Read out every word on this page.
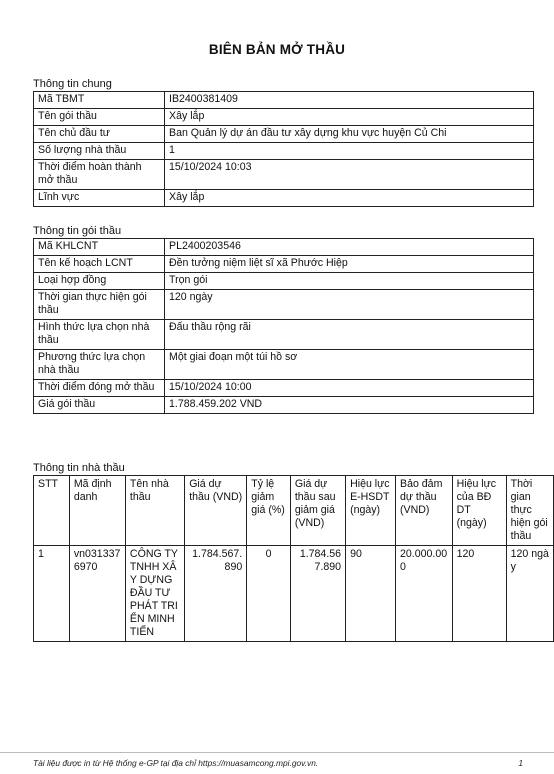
BIÊN BẢN MỞ THẦU
Thông tin chung
Mã TBMT	IB2400381409
Tên gói thầu	Xây lắp
Tên chủ đầu tư	Ban Quản lý dự án đầu tư xây dựng khu vực huyện Củ Chi
Số lượng nhà thầu	1
Thời điểm hoàn thành mở thầu	15/10/2024 10:03
Lĩnh vực	Xây lắp
Thông tin gói thầu
Mã KHLCNT	PL2400203546
Tên kế hoạch LCNT	Đền tưởng niệm liệt sĩ xã Phước Hiệp
Loại hợp đồng	Trọn gói
Thời gian thực hiện gói thầu	120 ngày
Hình thức lựa chọn nhà thầu	Đấu thầu rộng rãi
Phương thức lựa chọn nhà thầu	Một giai đoạn một túi hồ sơ
Thời điểm đóng mở thầu	15/10/2024 10:00
Giá gói thầu	1.788.459.202 VND
Thông tin nhà thầu
STT	Mã định danh	Tên nhà thầu	Giá dự thầu (VND)	Tỷ lệ giảm giá (%)	Giá dự thầu sau giảm giá (VND)	Hiệu lực E-HSDT (ngày)	Bảo đảm dự thầu (VND)	Hiệu lực của BĐ DT (ngày)	Thời gian thực hiện gói thầu
1	vn0313376970	CÔNG TY TNHH XÂY DỰNG ĐẦU TƯ PHÁT TRIỂN MINH TIẾN	1.784.567.890	0	1.784.567.890	90	20.000.000	120	120 ngày
Tài liệu được in từ Hệ thống e-GP tại địa chỉ https://muasamcong.mpi.gov.vn.	1
